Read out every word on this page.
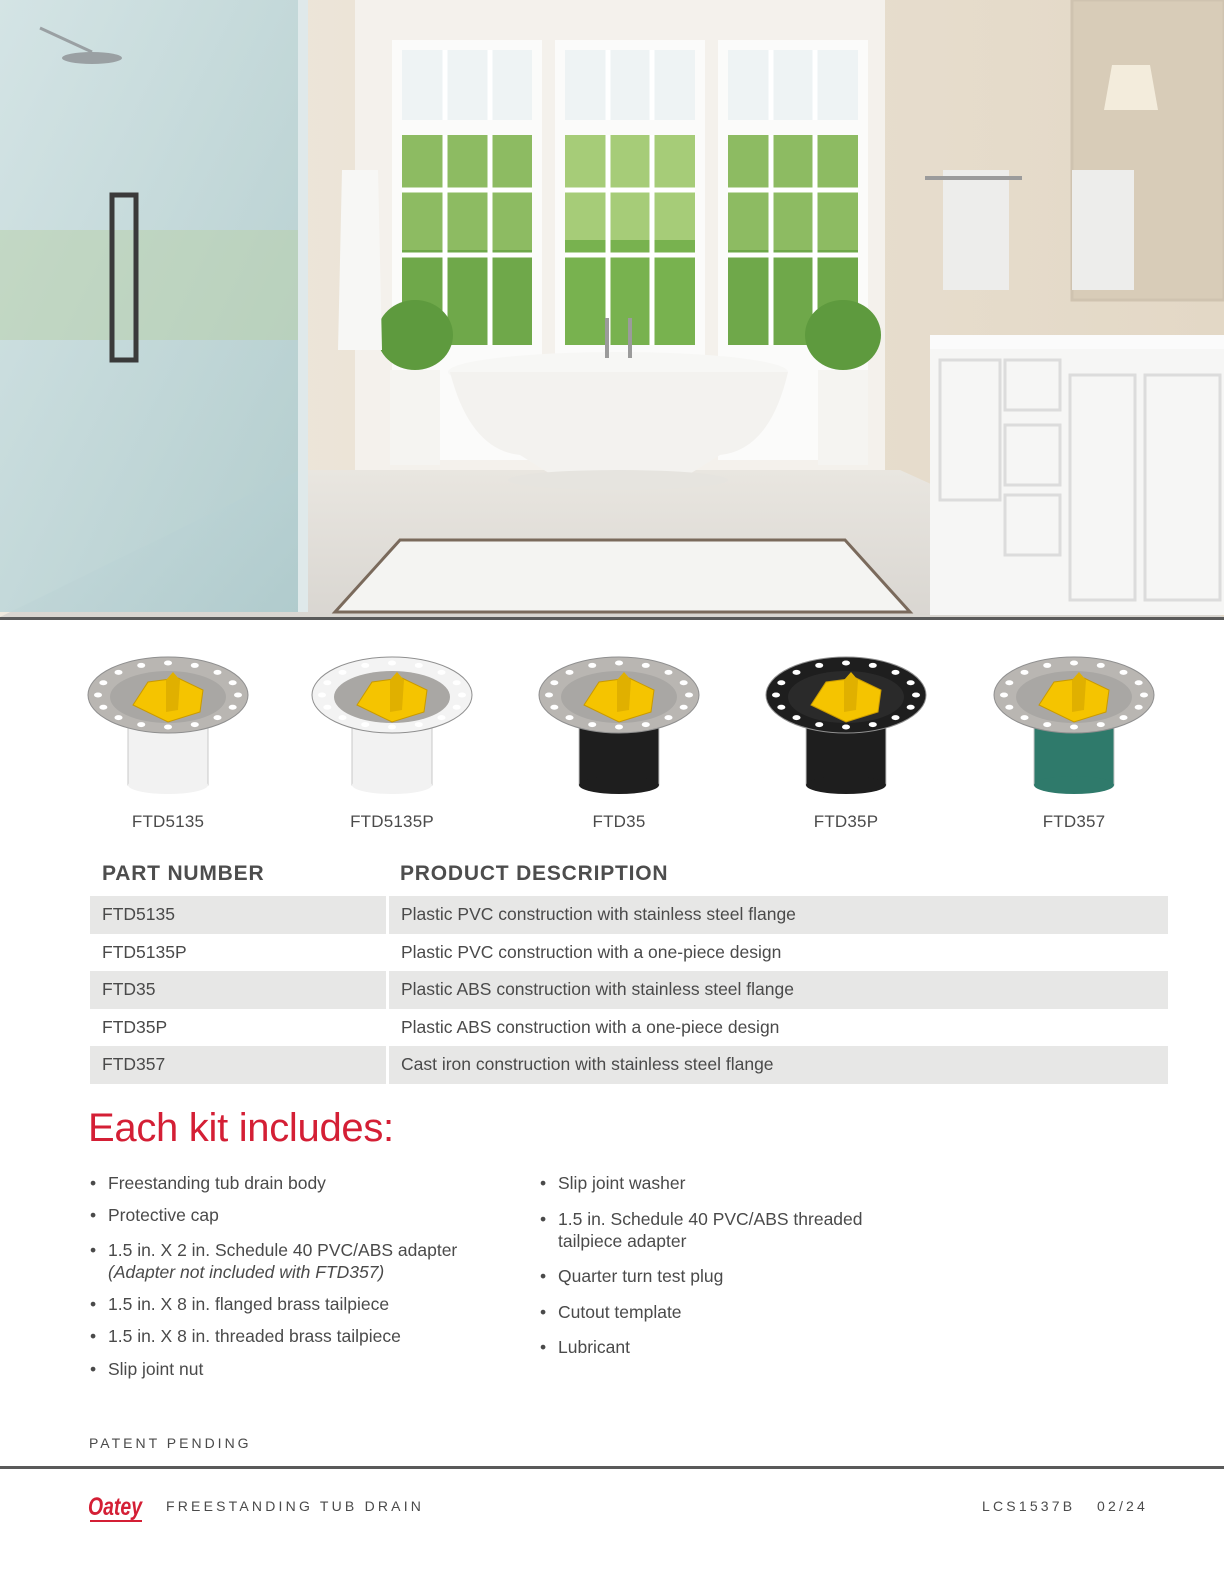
FTD5135	FTD5135P	FTD35	FTD35P	FTD357
PART NUMBER	PRODUCT DESCRIPTION
FTD5135	Plastic PVC construction with stainless steel flange
FTD5135P	Plastic PVC construction with a one-piece design
FTD35	Plastic ABS construction with stainless steel flange
FTD35P	Plastic ABS construction with a one-piece design
FTD357	Cast iron construction with stainless steel flange
Each kit includes:
• Freestanding tub drain body
• Protective cap
• 1.5 in. X 2 in. Schedule 40 PVC/ABS adapter
(Adapter not included with FTD357)
• 1.5 in. X 8 in. flanged brass tailpiece
• 1.5 in. X 8 in. threaded brass tailpiece
• Slip joint nut
• Slip joint washer
• 1.5 in. Schedule 40 PVC/ABS threaded
tailpiece adapter
• Quarter turn test plug
• Cutout template
• Lubricant
PATENT PENDING
Oatey FREESTANDING TUB DRAIN	LCS1537B 02/24
